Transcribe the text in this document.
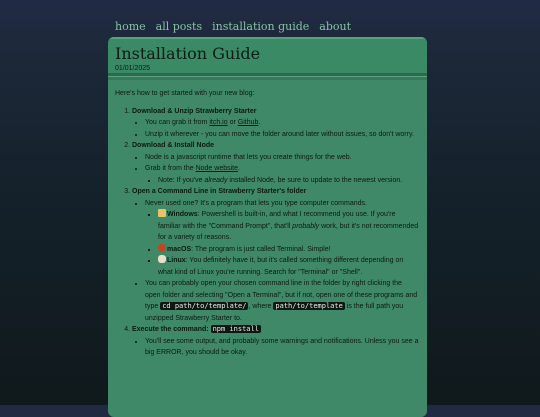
home all posts installation guide about
Installation Guide
01/01/2025

Here's how to get started with your new blog:

1. Download & Unzip Strawberry Starter
• You can grab it from itch.io or Github.
• Unzip it wherever - you can move the folder around later without issues, so don't worry.
2. Download & Install Node
• Node is a javascript runtime that lets you create things for the web.
• Grab it from the Node website.
▪ Note: If you've already installed Node, be sure to update to the newest version.
3. Open a Command Line in Strawberry Starter's folder
• Never used one? It's a program that lets you type computer commands.
▪ Windows: Powershell is built-in, and what I recommend you use. If you're familiar with the "Command Prompt", that'll probably work, but it's not recommended for a variety of reasons.
▪ macOS: The program is just called Terminal. Simple!
▪ Linux: You definitely have it, but it's called something different depending on what kind of Linux you're running. Search for "Terminal" or "Shell".
• You can probably open your chosen command line in the folder by right clicking the open folder and selecting "Open a Terminal", but if not, open one of these programs and type cd path/to/template/ , where path/to/template is the full path you unzipped Strawberry Starter to.
4. Execute the command: npm install
• You'll see some output, and probably some warnings and notifications. Unless you see a big ERROR, you should be okay.
